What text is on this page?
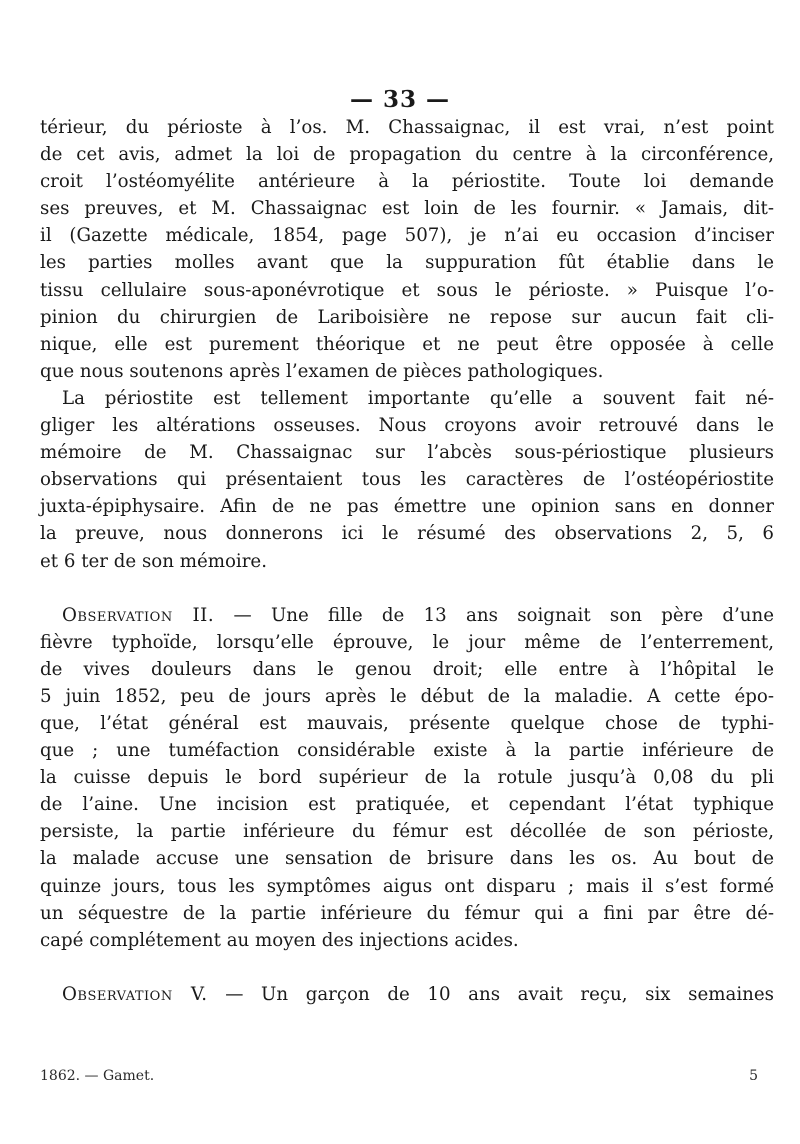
— 33 —
térieur, du périoste à l’os. M. Chassaignac, il est vrai, n’est point
de cet avis, admet la loi de propagation du centre à la circonférence,
croit l’ostéomyélite antérieure à la périostite. Toute loi demande
ses preuves, et M. Chassaignac est loin de les fournir. « Jamais, dit-
il (Gazette médicale, 1854, page 507), je n’ai eu occasion d’inciser
les parties molles avant que la suppuration fût établie dans le
tissu cellulaire sous-aponévrotique et sous le périoste. » Puisque l’o-
pinion du chirurgien de Lariboisière ne repose sur aucun fait cli-
nique, elle est purement théorique et ne peut être opposée à celle
que nous soutenons après l’examen de pièces pathologiques.
La périostite est tellement importante qu’elle a souvent fait né-
gliger les altérations osseuses. Nous croyons avoir retrouvé dans le
mémoire de M. Chassaignac sur l’abcès sous-périostique plusieurs
observations qui présentaient tous les caractères de l’ostéopériostite
juxta-épiphysaire. Afin de ne pas émettre une opinion sans en donner
la preuve, nous donnerons ici le résumé des observations 2, 5, 6
et 6 ter de son mémoire.
Observation II. — Une fille de 13 ans soignait son père d’une
fièvre typhoïde, lorsqu’elle éprouve, le jour même de l’enterrement,
de vives douleurs dans le genou droit; elle entre à l’hôpital le
5 juin 1852, peu de jours après le début de la maladie. A cette épo-
que, l’état général est mauvais, présente quelque chose de typhi-
que ; une tuméfaction considérable existe à la partie inférieure de
la cuisse depuis le bord supérieur de la rotule jusqu’à 0,08 du pli
de l’aine. Une incision est pratiquée, et cependant l’état typhique
persiste, la partie inférieure du fémur est décollée de son périoste,
la malade accuse une sensation de brisure dans les os. Au bout de
quinze jours, tous les symptômes aigus ont disparu ; mais il s’est formé
un séquestre de la partie inférieure du fémur qui a fini par être dé-
capé complétement au moyen des injections acides.
Observation V. — Un garçon de 10 ans avait reçu, six semaines
1862. — Gamet.	5
